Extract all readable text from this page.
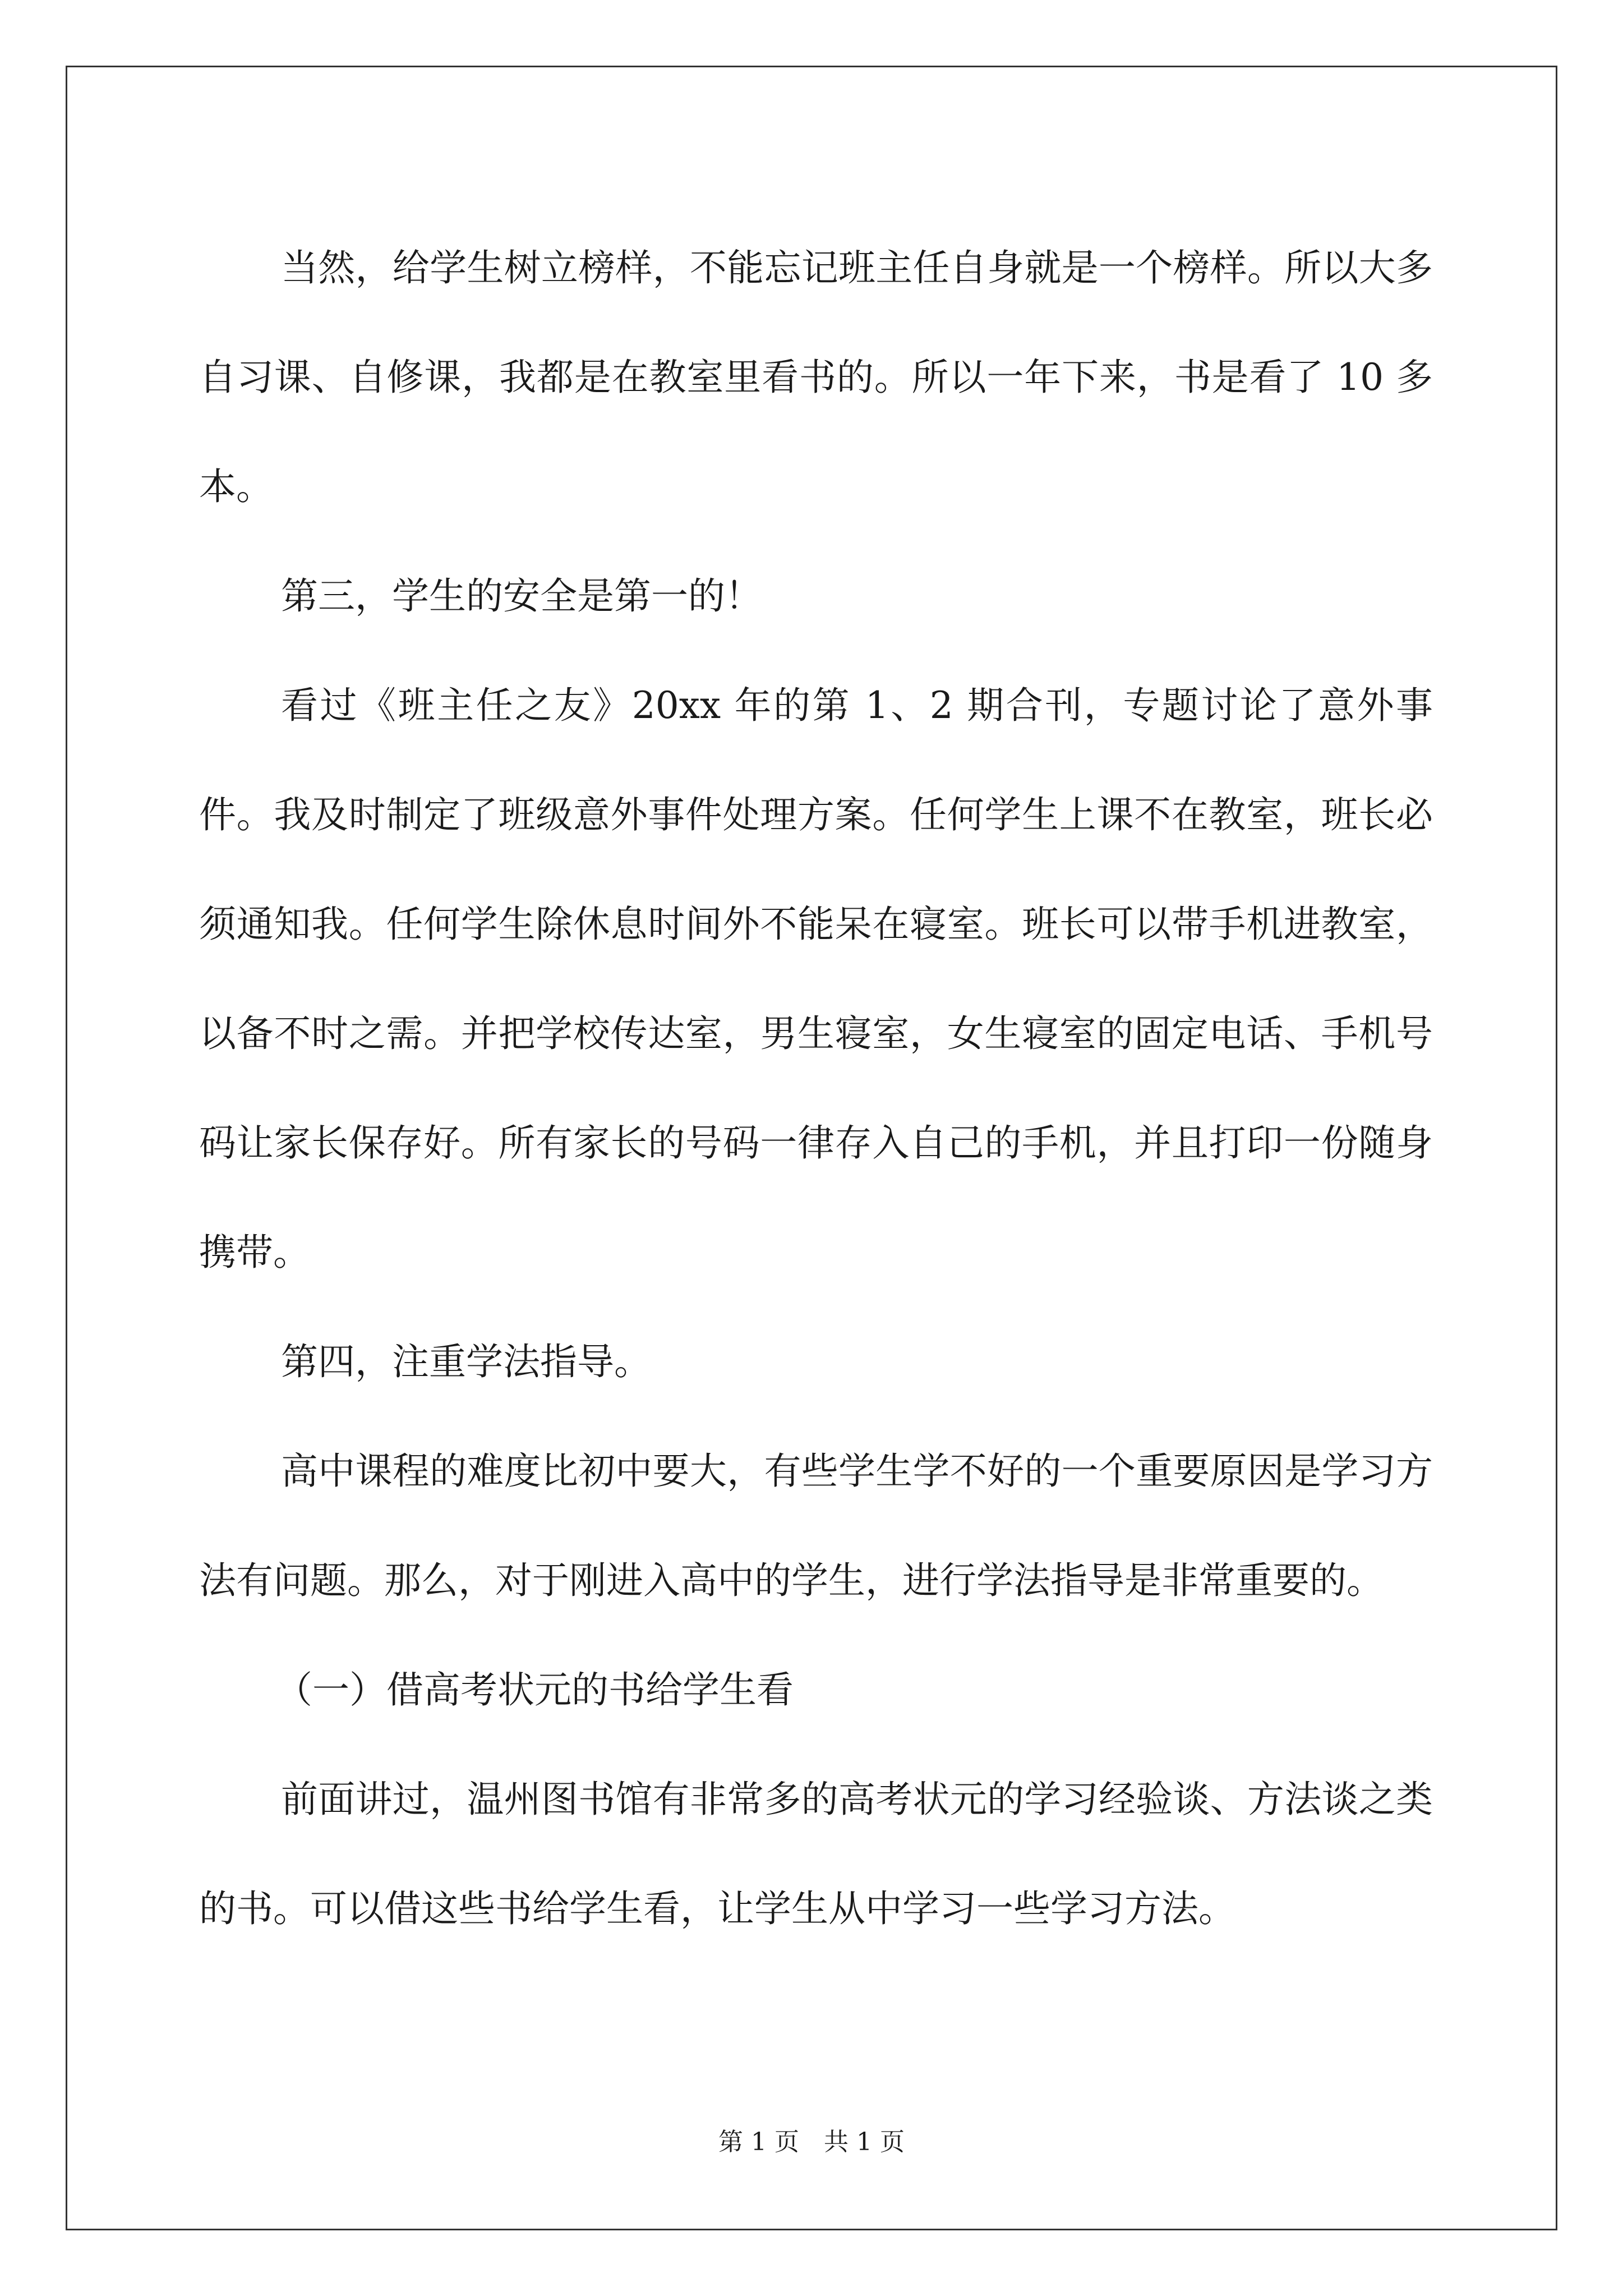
当然，给学生树立榜样，不能忘记班主任自身就是一个榜样。所以大多自习课、自修课，我都是在教室里看书的。所以一年下来，书是看了 10 多本。

第三，学生的安全是第一的！

看过《班主任之友》20xx 年的第 1、2 期合刊，专题讨论了意外事件。我及时制定了班级意外事件处理方案。任何学生上课不在教室，班长必须通知我。任何学生除休息时间外不能呆在寝室。班长可以带手机进教室，以备不时之需。并把学校传达室，男生寝室，女生寝室的固定电话、手机号码让家长保存好。所有家长的号码一律存入自己的手机，并且打印一份随身携带。

第四，注重学法指导。

高中课程的难度比初中要大，有些学生学不好的一个重要原因是学习方法有问题。那么，对于刚进入高中的学生，进行学法指导是非常重要的。

（一）借高考状元的书给学生看

前面讲过，温州图书馆有非常多的高考状元的学习经验谈、方法谈之类的书。可以借这些书给学生看，让学生从中学习一些学习方法。

第 1 页　共 1 页
